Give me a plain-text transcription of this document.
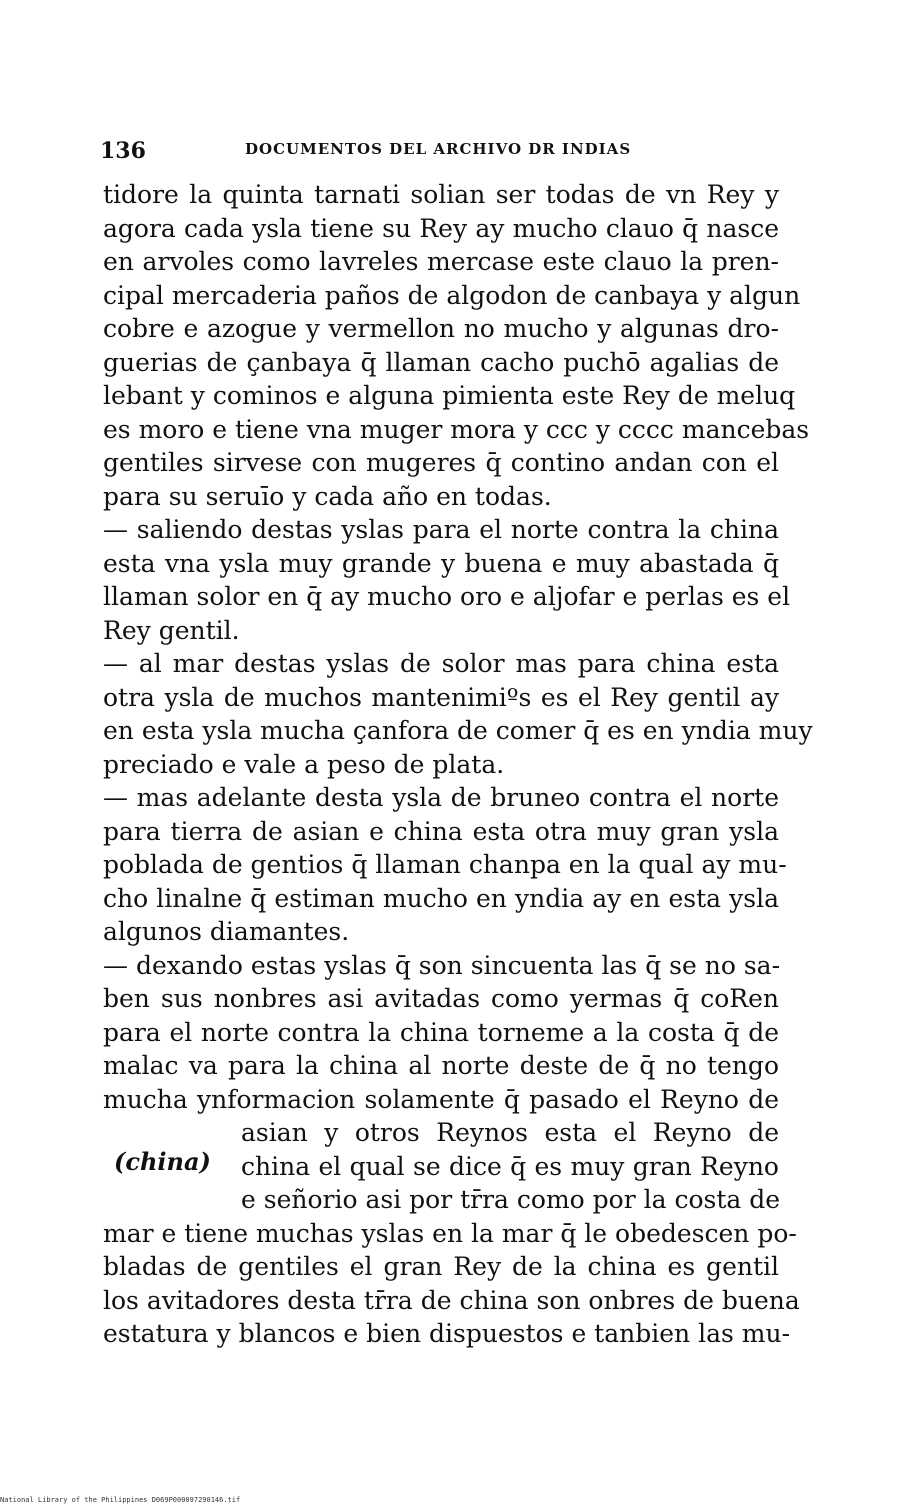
136	DOCUMENTOS DEL ARCHIVO DR INDIAS
tidore la quinta tarnati solian ser todas de vn Rey y
agora cada ysla tiene su Rey ay mucho clauo q̄ nasce
en arvoles como lavreles mercase este clauo la pren-
cipal mercaderia paños de algodon de canbaya y algun
cobre e azogue y vermellon no mucho y algunas dro-
guerias de çanbaya q̄ llaman cacho puchō agalias de
lebant y cominos e alguna pimienta este Rey de meluq
es moro e tiene vna muger mora y ccc y cccc mancebas
gentiles sirvese con mugeres q̄ contino andan con el
para su seruīo y cada año en todas.
— saliendo destas yslas para el norte contra la china
esta vna ysla muy grande y buena e muy abastada q̄
llaman solor en q̄ ay mucho oro e aljofar e perlas es el
Rey gentil.
— al mar destas yslas de solor mas para china esta
otra ysla de muchos mantenimiºs es el Rey gentil ay
en esta ysla mucha çanfora de comer q̄ es en yndia muy
preciado e vale a peso de plata.
— mas adelante desta ysla de bruneo contra el norte
para tierra de asian e china esta otra muy gran ysla
poblada de gentios q̄ llaman chanpa en la qual ay mu-
cho linalne q̄ estiman mucho en yndia ay en esta ysla
algunos diamantes.
— dexando estas yslas q̄ son sincuenta las q̄ se no sa-
ben sus nonbres asi avitadas como yermas q̄ coRen
para el norte contra la china torneme a la costa q̄ de
malac va para la china al norte deste de q̄ no tengo
mucha ynformacion solamente q̄ pasado el Reyno de
asian y otros Reynos esta el Reyno de
china el qual se dice q̄ es muy gran Reyno
e señorio asi por tr̄ra como por la costa de
mar e tiene muchas yslas en la mar q̄ le obedescen po-
bladas de gentiles el gran Rey de la china es gentil
los avitadores desta tr̄ra de china son onbres de buena
estatura y blancos e bien dispuestos e tanbien las mu-
(china)
National Library of the Philippines D069P000097290146.tif
